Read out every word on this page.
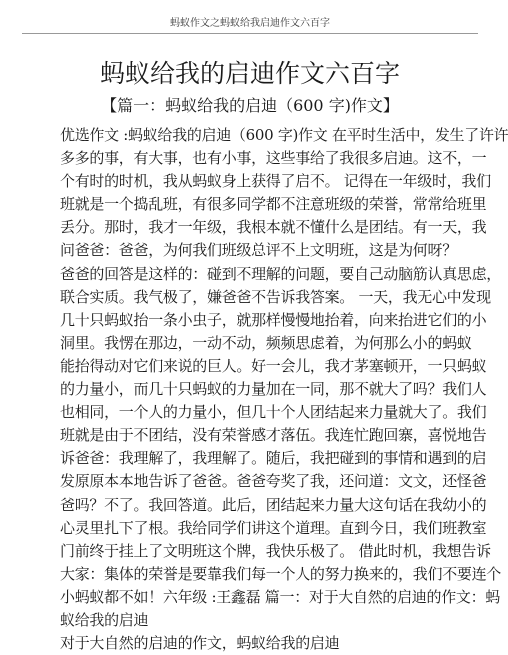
蚂蚁作文之蚂蚁给我启迪作文六百字
蚂蚁给我的启迪作文六百字
【篇一：蚂蚁给我的启迪（600 字)作文】
优选作文 :蚂蚁给我的启迪（600 字)作文 在平时生活中，发生了许许
多多的事，有大事，也有小事，这些事给了我很多启迪。这不，一
个有时的时机，我从蚂蚁身上获得了启不。 记得在一年级时，我们
班就是一个捣乱班，有很多同学都不注意班级的荣誉，常常给班里
丢分。那时，我才一年级，我根本就不懂什么是团结。有一天，我
问爸爸：爸爸，为何我们班级总评不上文明班，这是为何呀？
爸爸的回答是这样的：碰到不理解的问题，要自己动脑筋认真思虑，
联合实质。我气极了，嫌爸爸不告诉我答案。 一天，我无心中发现
几十只蚂蚁抬一条小虫子，就那样慢慢地抬着，向来抬进它们的小
洞里。我愣在那边，一动不动，频频思虑着，为何那么小的蚂蚁
能抬得动对它们来说的巨人。好一会儿，我才茅塞顿开，一只蚂蚁
的力量小，而几十只蚂蚁的力量加在一同，那不就大了吗？我们人
也相同，一个人的力量小，但几十个人团结起来力量就大了。我们
班就是由于不团结，没有荣誉感才落伍。我连忙跑回寨，喜悦地告
诉爸爸：我理解了，我理解了。随后，我把碰到的事情和遇到的启
发原原本本地告诉了爸爸。爸爸夸奖了我，还问道：文文，还怪爸
爸吗？不了。我回答道。此后，团结起来力量大这句话在我幼小的
心灵里扎下了根。我给同学们讲这个道理。直到今日，我们班教室
门前终于挂上了文明班这个牌，我快乐极了。 借此时机，我想告诉
大家：集体的荣誉是要靠我们每一个人的努力换来的，我们不要连个
小蚂蚁都不如！六年级 :王鑫磊 篇一：对于大自然的启迪的作文：蚂
蚁给我的启迪
对于大自然的启迪的作文，蚂蚁给我的启迪
